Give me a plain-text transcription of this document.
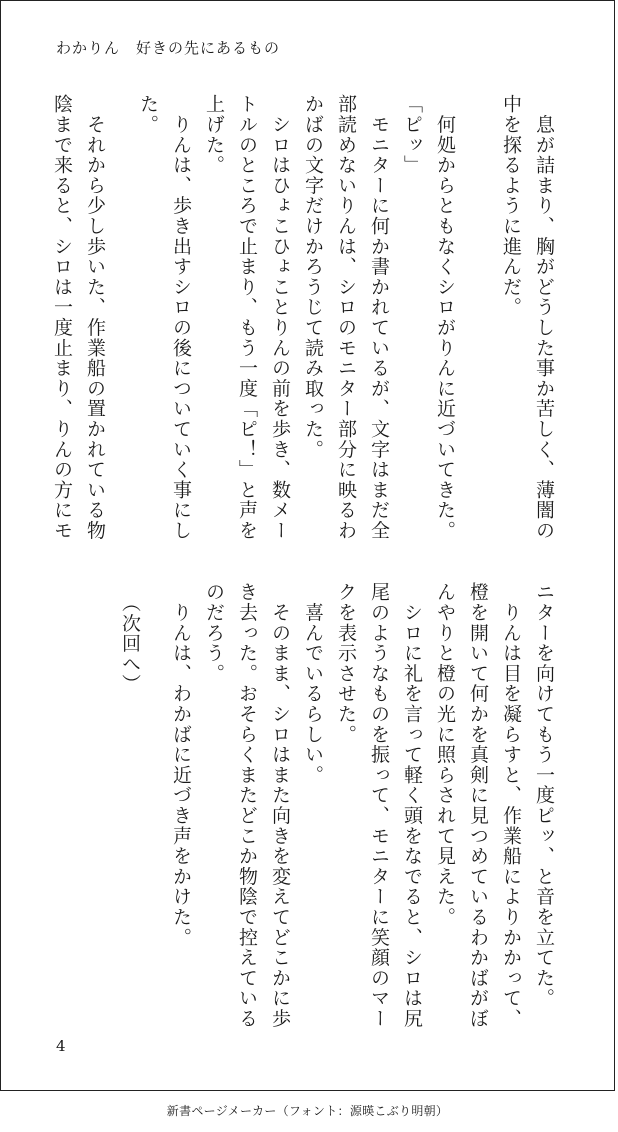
わかりん 好きの先にあるもの
　息が詰まり、胸がどうした事か苦しく、薄闇の
中を探るように進んだ。
　何処からともなくシロがりんに近づいてきた。
「ピッ」
　モニターに何か書かれているが、文字はまだ全
部読めないりんは、シロのモニター部分に映るわ
かばの文字だけかろうじて読み取った。
　シロはひょこひょことりんの前を歩き、数メー
トルのところで止まり、もう一度「ピ！」と声を
上げた。
　りんは、歩き出すシロの後についていく事にし
た。
　それから少し歩いた、作業船の置かれている物
陰まで来ると、シロは一度止まり、りんの方にモ
ニターを向けてもう一度ピッ、と音を立てた。
　りんは目を凝らすと、作業船によりかかって、
橙を開いて何かを真剣に見つめているわかばがぼ
んやりと橙の光に照らされて見えた。
　シロに礼を言って軽く頭をなでると、シロは尻
尾のようなものを振って、モニターに笑顔のマー
クを表示させた。
　喜んでいるらしい。
　そのまま、シロはまた向きを変えてどこかに歩
き去った。おそらくまたどこか物陰で控えている
のだろう。
　りんは、わかばに近づき声をかけた。
　（次回へ）
4
新書ページメーカー（フォント：源暎こぶり明朝）
